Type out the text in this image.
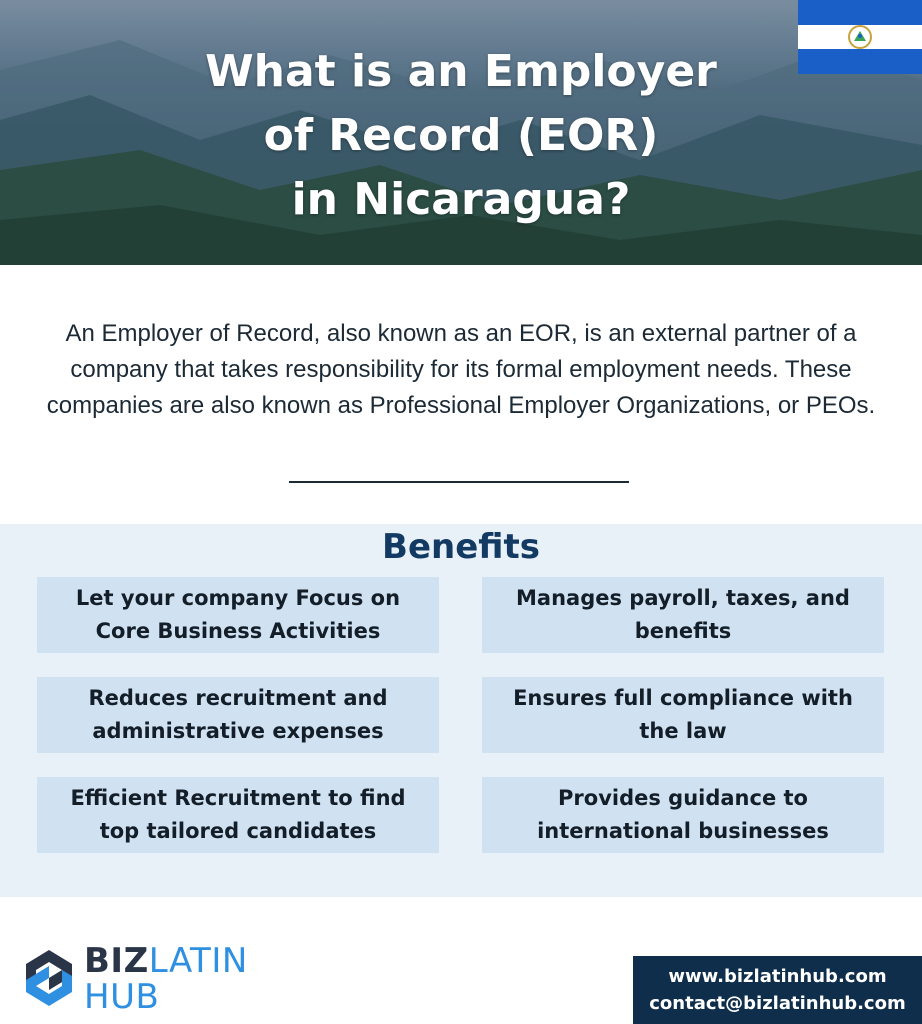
What is an Employer
of Record (EOR)
in Nicaragua?

An Employer of Record, also known as an EOR, is an external partner of a company that takes responsibility for its formal employment needs. These companies are also known as Professional Employer Organizations, or PEOs.

Benefits
Let your company Focus on Core Business Activities
Manages payroll, taxes, and benefits
Reduces recruitment and administrative expenses
Ensures full compliance with the law
Efficient Recruitment to find top tailored candidates
Provides guidance to international businesses
BIZLATIN
HUB
www.bizlatinhub.com
contact@bizlatinhub.com
